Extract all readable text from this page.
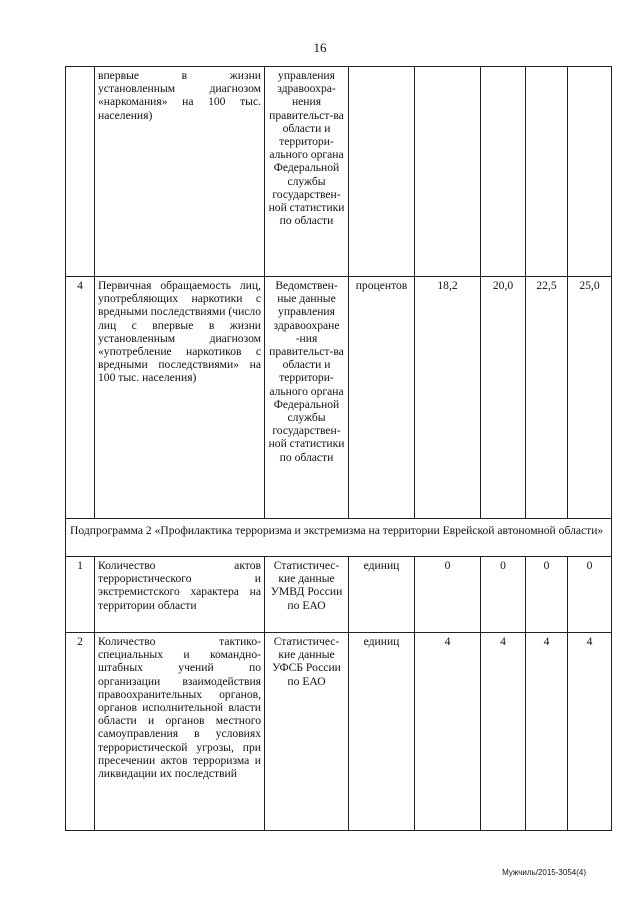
16
	впервые в жизни установленным диагнозом «наркомания» на 100 тыс. населения)	управления здравоохра-нения правительст-ва области и территори-ального органа Федеральной службы государствен-ной статистики по области					
4	Первичная обращаемость лиц, употребляющих наркотики с вредными последствиями (число лиц с впервые в жизни установленным диагнозом «употребление наркотиков с вредными последствиями» на 100 тыс. населения)	Ведомствен-ные данные управления здравоохране -ния правительст-ва области и территори-ального органа Федеральной службы государствен-ной статистики по области	процентов	18,2	20,0	22,5	25,0
Подпрограмма 2 «Профилактика терроризма и экстремизма на территории Еврейской автономной области»							
1	Количество актов террористического и экстремистского характера на территории области	Статистичес-кие данные УМВД России по ЕАО	единиц	0	0	0	0
2	Количество тактико-специальных и командно-штабных учений по организации взаимодействия правоохранительных органов, органов исполнительной власти области и органов местного самоуправления в условиях террористической угрозы, при пресечении актов терроризма и ликвидации их последствий	Статистичес-кие данные УФСБ России по ЕАО	единиц	4	4	4	4
Мужчиль/2015-3054(4)
